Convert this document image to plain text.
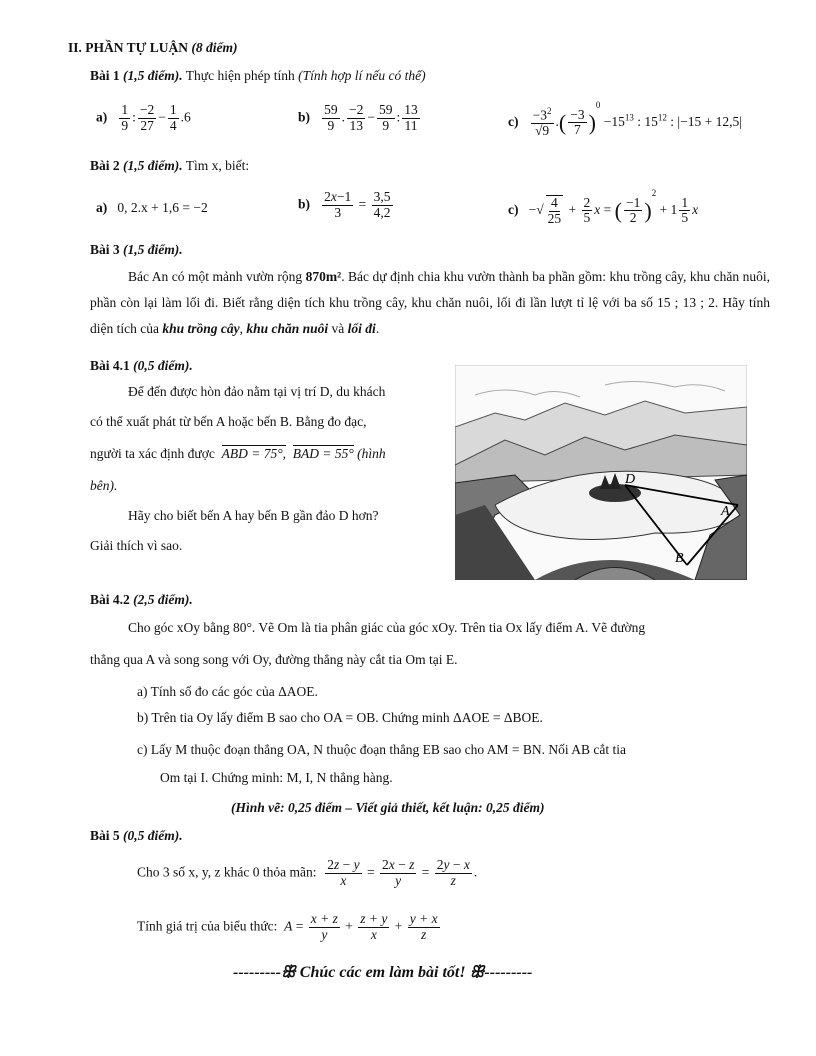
II. PHẦN TỰ LUẬN (8 điểm)
Bài 1 (1,5 điểm). Thực hiện phép tính (Tính hợp lí nếu có thể)
$a) \frac{1}{9}$ : $\frac{-2}{27} - \frac{1}{4} .6$	$b) \frac{59}{9}$ . $\frac{-2}{13} - \frac{59}{9}$ : $\frac{13}{11}$	$c) \frac{-3^2}{√9}$ .( $\frac{-3}{7} )^0 -15^{13}$ : $15^{12}$ : |−15 + 12,5|
Bài 2 (1,5 điểm). Tìm x, biết:
a) 0, 2.x + 1,6 = −2	$b) \frac{2x-1}{3} = \frac{3,5}{4,2}$	c)   −√ $\frac{4}{25} + \frac{2}{5}$ x = ( $\frac{-1}{2} )^2 + 1 \frac{1}{5}$ x
Bài 3 (1,5 điểm).
Bác An có một mảnh vườn rộng 870m². Bác dự định chia khu vườn thành ba phần gồm: khu trồng cây, khu chăn nuôi, phần còn lại làm lối đi. Biết rằng diện tích khu trồng cây, khu chăn nuôi, lối đi lần lượt tỉ lệ với ba số 15 ; 13 ; 2. Hãy tính diện tích của khu trồng cây, khu chăn nuôi và lối đi.
Bài 4.1 (0,5 điểm).
Để đến được hòn đảo nằm tại vị trí D, du khách
có thể xuất phát từ bến A hoặc bến B. Bằng đo đạc,
người ta xác định được ABD = 75°, BAD = 55° (hình
bên).
Hãy cho biết bến A hay bến B gần đảo D hơn?
Giải thích vì sao.
D
A
B
Bài 4.2 (2,5 điểm).
Cho góc xOy bằng 80°. Vẽ Om là tia phân giác của góc xOy. Trên tia Ox lấy điểm A. Vẽ đường
thẳng qua A và song song với Oy, đường thẳng này cắt tia Om tại E.
a) Tính số đo các góc của ΔAOE.
b) Trên tia Oy lấy điểm B sao cho OA = OB. Chứng minh ΔAOE = ΔBOE.
c) Lấy M thuộc đoạn thẳng OA, N thuộc đoạn thẳng EB sao cho AM = BN. Nối AB cắt tia
Om tại I. Chứng minh: M, I, N thẳng hàng.
(Hình vẽ: 0,25 điểm – Viết giả thiết, kết luận: 0,25 điểm)
Bài 5 (0,5 điểm).
Cho 3 số x, y, z khác 0 thỏa mãn: $\frac{2z - y}{x} = \frac{2x - z}{y} = \frac{2y - x}{z}$ .
Tính giá trị của biểu thức: $A = \frac{x + z}{y} + \frac{z + y}{x} + \frac{y + x}{z}$
---------ꕥ Chúc các em làm bài tốt! ꕥ---------
